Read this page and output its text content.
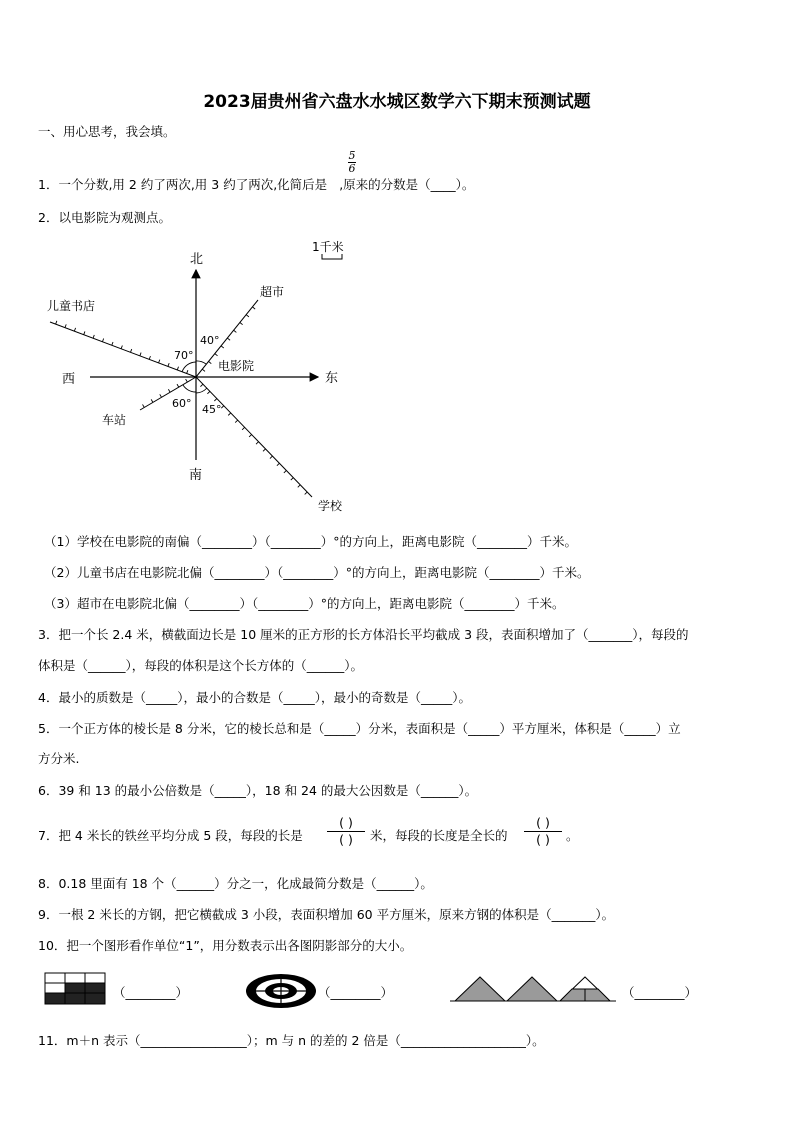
2023届贵州省六盘水水城区数学六下期末预测试题
一、用心思考，我会填。
1．一个分数,用 2 约了两次,用 3 约了两次,化简后是 ,原来的分数是（____）。
5
6
2．以电影院为观测点。
1千米
北
南
东
西
电影院
儿童书店
超市
车站
学校
70°
40°
60° 45°
（1）学校在电影院的南偏（________）（________）°的方向上，距离电影院（________）千米。
（2）儿童书店在电影院北偏（________）（________）°的方向上，距离电影院（________）千米。
（3）超市在电影院北偏（________）（________）°的方向上，距离电影院（________）千米。
3．把一个长 2.4 米，横截面边长是 10 厘米的正方形的长方体沿长平均截成 3 段，表面积增加了（_______），每段的
体积是（______），每段的体积是这个长方体的（______）。
4．最小的质数是（_____），最小的合数是（_____），最小的奇数是（_____）。
5．一个正方体的棱长是 8 分米，它的棱长总和是（_____）分米，表面积是（_____）平方厘米，体积是（_____）立
方分米.
6．39 和 13 的最小公倍数是（_____），18 和 24 的最大公因数是（______）。
7．把 4 米长的铁丝平均分成 5 段，每段的长是
( )
( ) 米，每段的长度是全长的
( )
( ) 。
8．0.18 里面有 18 个（______）分之一，化成最简分数是（______）。
9．一根 2 米长的方钢，把它横截成 3 小段，表面积增加 60 平方厘米，原来方钢的体积是（_______）。
10．把一个图形看作单位“1”，用分数表示出各图阴影部分的大小。
（________）	（________）	（________）
11．m＋n 表示（_________________）；m 与 n 的差的 2 倍是（____________________）。
